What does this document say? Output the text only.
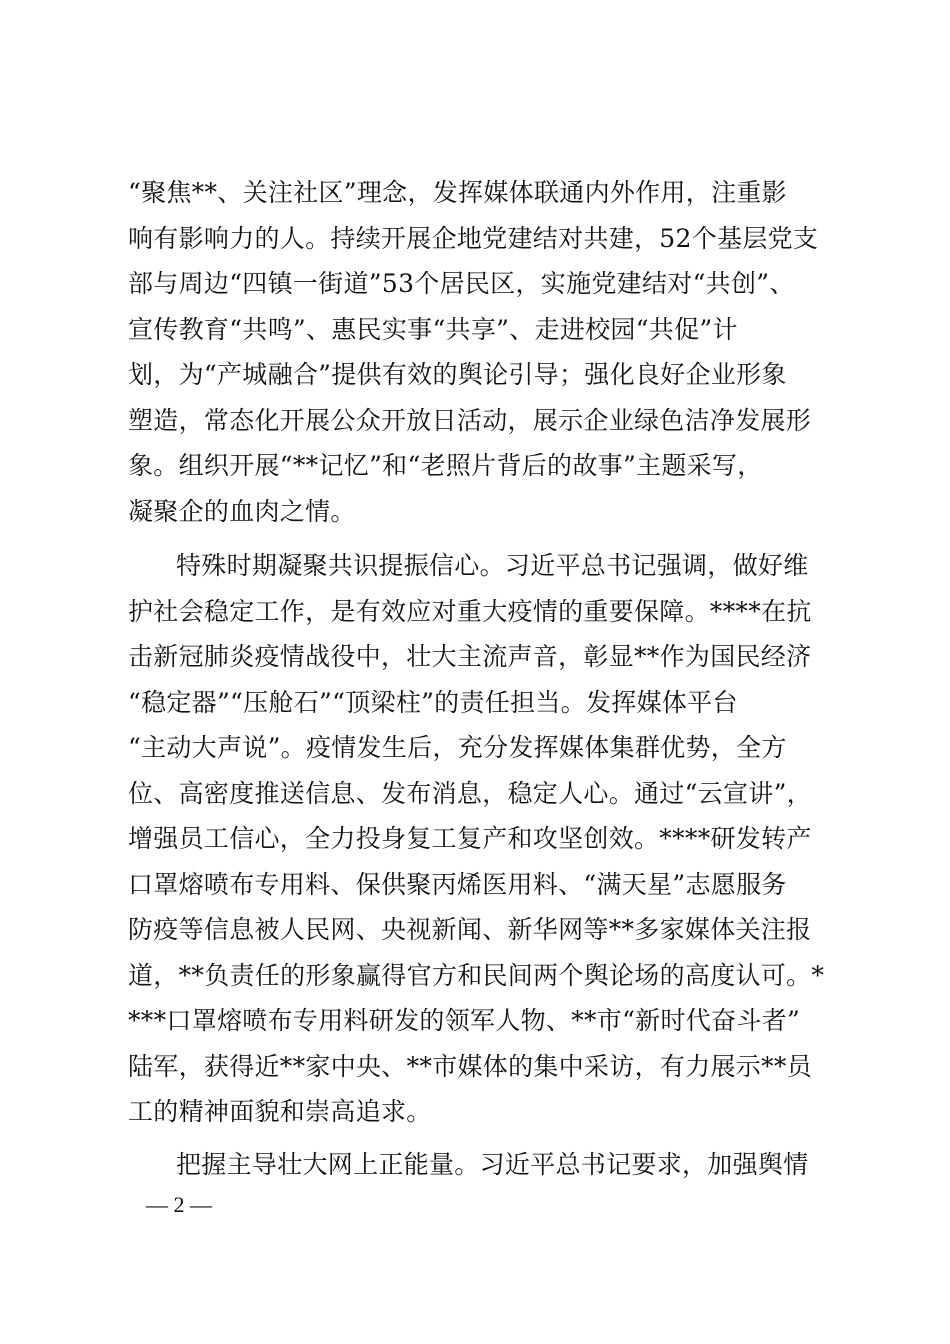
“聚焦**、关注社区”理念，发挥媒体联通内外作用，注重影
响有影响力的人。持续开展企地党建结对共建，52个基层党支
部与周边“四镇一街道”53个居民区，实施党建结对“共创”、
宣传教育“共鸣”、惠民实事“共享”、走进校园“共促”计
划，为“产城融合”提供有效的舆论引导；强化良好企业形象
塑造，常态化开展公众开放日活动，展示企业绿色洁净发展形
象。组织开展“**记忆”和“老照片背后的故事”主题采写，
凝聚企的血肉之情。
特殊时期凝聚共识提振信心。习近平总书记强调，做好维
护社会稳定工作，是有效应对重大疫情的重要保障。****在抗
击新冠肺炎疫情战役中，壮大主流声音，彰显**作为国民经济
“稳定器”“压舱石”“顶梁柱”的责任担当。发挥媒体平台
“主动大声说”。疫情发生后，充分发挥媒体集群优势，全方
位、高密度推送信息、发布消息，稳定人心。通过“云宣讲”，
增强员工信心，全力投身复工复产和攻坚创效。****研发转产
口罩熔喷布专用料、保供聚丙烯医用料、“满天星”志愿服务
防疫等信息被人民网、央视新闻、新华网等**多家媒体关注报
道，**负责任的形象赢得官方和民间两个舆论场的高度认可。*
***口罩熔喷布专用料研发的领军人物、**市“新时代奋斗者”
陆军，获得近**家中央、**市媒体的集中采访，有力展示**员
工的精神面貌和崇高追求。
把握主导壮大网上正能量。习近平总书记要求，加强舆情
— 2 —
